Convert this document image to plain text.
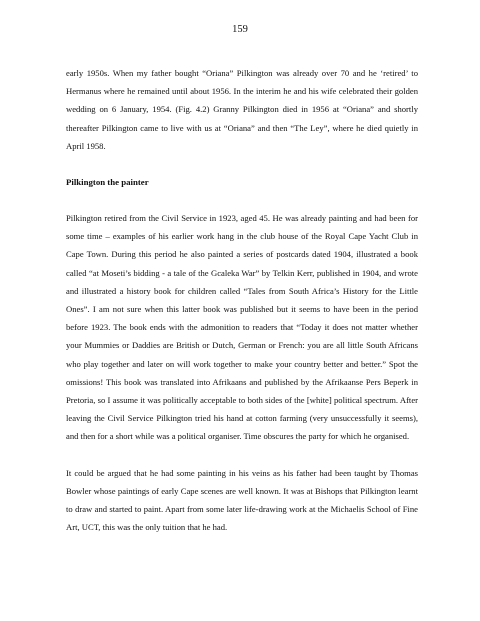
159

early 1950s. When my father bought “Oriana” Pilkington was already over 70 and he ‘retired’ to Hermanus where he remained until about 1956. In the interim he and his wife celebrated their golden wedding on 6 January, 1954. (Fig. 4.2) Granny Pilkington died in 1956 at “Oriana” and shortly thereafter Pilkington came to live with us at “Oriana” and then “The Ley”, where he died quietly in April 1958.

Pilkington the painter

Pilkington retired from the Civil Service in 1923, aged 45. He was already painting and had been for some time – examples of his earlier work hang in the club house of the Royal Cape Yacht Club in Cape Town. During this period he also painted a series of postcards dated 1904, illustrated a book called “at Moseti’s bidding - a tale of the Gcaleka War” by Telkin Kerr, published in 1904, and wrote and illustrated a history book for children called “Tales from South Africa’s History for the Little Ones”. I am not sure when this latter book was published but it seems to have been in the period before 1923. The book ends with the admonition to readers that “Today it does not matter whether your Mummies or Daddies are British or Dutch, German or French: you are all little South Africans who play together and later on will work together to make your country better and better.” Spot the omissions! This book was translated into Afrikaans and published by the Afrikaanse Pers Beperk in Pretoria, so I assume it was politically acceptable to both sides of the [white] political spectrum. After leaving the Civil Service Pilkington tried his hand at cotton farming (very unsuccessfully it seems), and then for a short while was a political organiser. Time obscures the party for which he organised.

It could be argued that he had some painting in his veins as his father had been taught by Thomas Bowler whose paintings of early Cape scenes are well known. It was at Bishops that Pilkington learnt to draw and started to paint. Apart from some later life-drawing work at the Michaelis School of Fine Art, UCT, this was the only tuition that he had.
